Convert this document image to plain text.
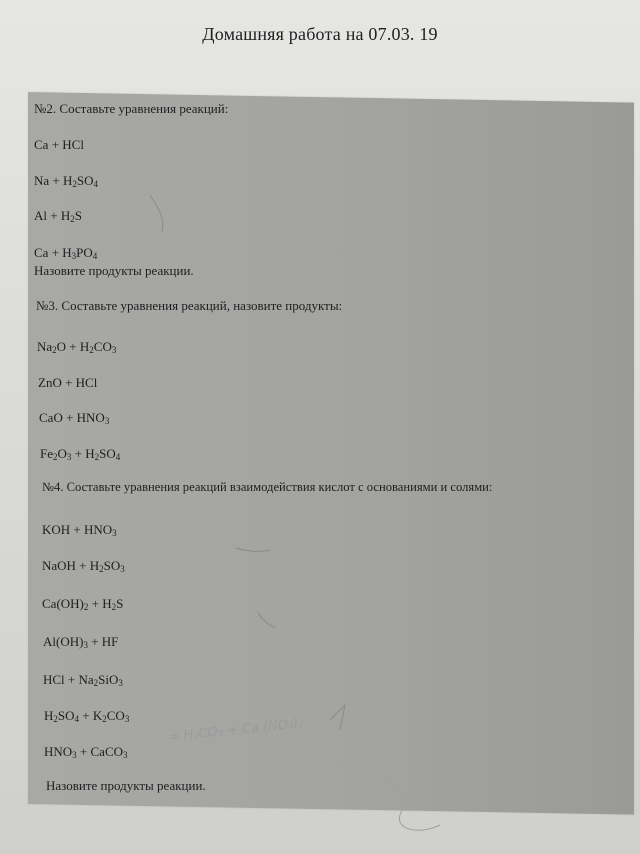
Домашняя работа на 07.03. 19
№2. Составьте уравнения реакций:
Ca + HCl
$Na + H_2SO_4$
$Al + H_2S$
$Ca + H_3PO_4$
Назовите продукты реакции.
№3. Составьте уравнения реакций, назовите продукты:
$Na_2O + H_2CO_3$
ZnO + HCl
CaO + $HNO_3$
$Fe_2O_3 + H_2SO_4$
№4. Составьте уравнения реакций взаимодействия кислот с основаниями и солями:
KOH + $HNO_3$
NaOH + $H_2SO_3$
$Ca(OH)_2 + H_2S$
$Al(OH)_3$ + HF
HCl + $Na_2SiO_3$
$H_2SO_4 + K_2CO_3$
$HNO_3$ + CaCO$_3$
Назовите продукты реакции.
= H₂CO₃ + Ca (NO₃)₂
